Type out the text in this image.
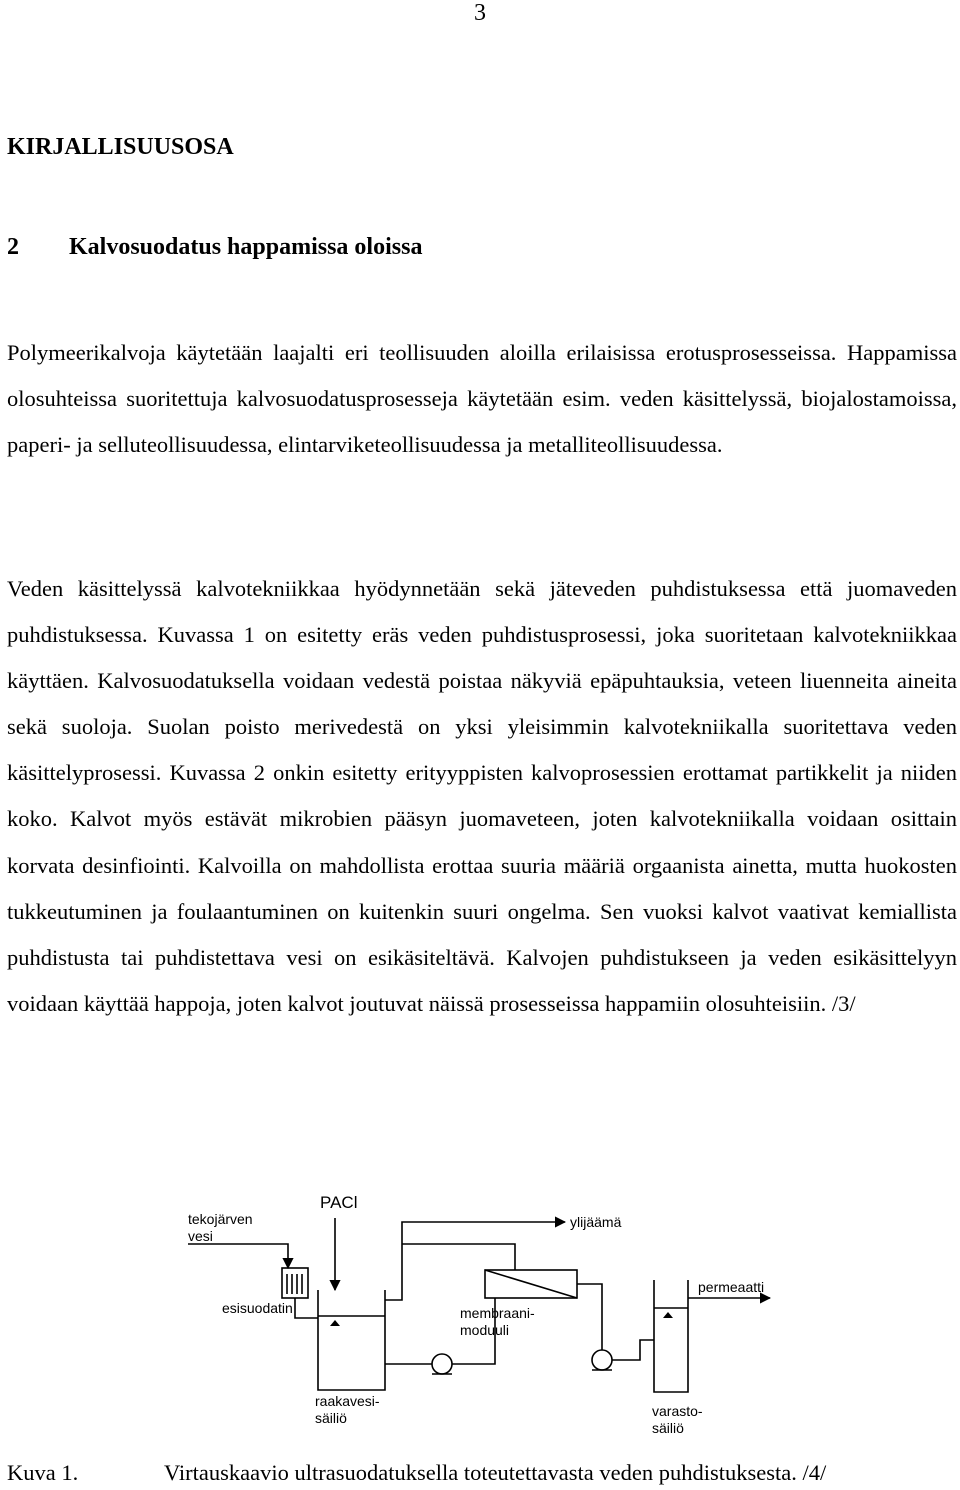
3
KIRJALLISUUSOSA
2 Kalvosuodatus happamissa oloissa

Polymeerikalvoja käytetään laajalti eri teollisuuden aloilla erilaisissa erotusprosesseissa. Happamissa olosuhteissa suoritettuja kalvosuodatusprosesseja käytetään esim. veden käsittelyssä, biojalostamoissa, paperi- ja selluteollisuudessa, elintarviketeollisuudessa ja metalliteollisuudessa.

Veden käsittelyssä kalvotekniikkaa hyödynnetään sekä jäteveden puhdistuksessa että juomaveden puhdistuksessa. Kuvassa 1 on esitetty eräs veden puhdistusprosessi, joka suoritetaan kalvotekniikkaa käyttäen. Kalvosuodatuksella voidaan vedestä poistaa näkyviä epäpuhtauksia, veteen liuenneita aineita sekä suoloja. Suolan poisto merivedestä on yksi yleisimmin kalvotekniikalla suoritettava veden käsittelyprosessi. Kuvassa 2 onkin esitetty erityyppisten kalvoprosessien erottamat partikkelit ja niiden koko. Kalvot myös estävät mikrobien pääsyn juomaveteen, joten kalvotekniikalla voidaan osittain korvata desinfiointi. Kalvoilla on mahdollista erottaa suuria määriä orgaanista ainetta, mutta huokosten tukkeutuminen ja foulaantuminen on kuitenkin suuri ongelma. Sen vuoksi kalvot vaativat kemiallista puhdistusta tai puhdistettava vesi on esikäsiteltävä. Kalvojen puhdistukseen ja veden esikäsittelyyn voidaan käyttää happoja, joten kalvot joutuvat näissä prosesseissa happamiin olosuhteisiin. /3/

PACl
tekojärven
vesi
esisuodatin
ylijäämä
membraani-
moduuli
permeaatti
raakavesi-
säiliö	varasto-
säiliö
Kuva 1.	Virtauskaavio ultrasuodatuksella toteutettavasta veden puhdistuksesta. /4/
